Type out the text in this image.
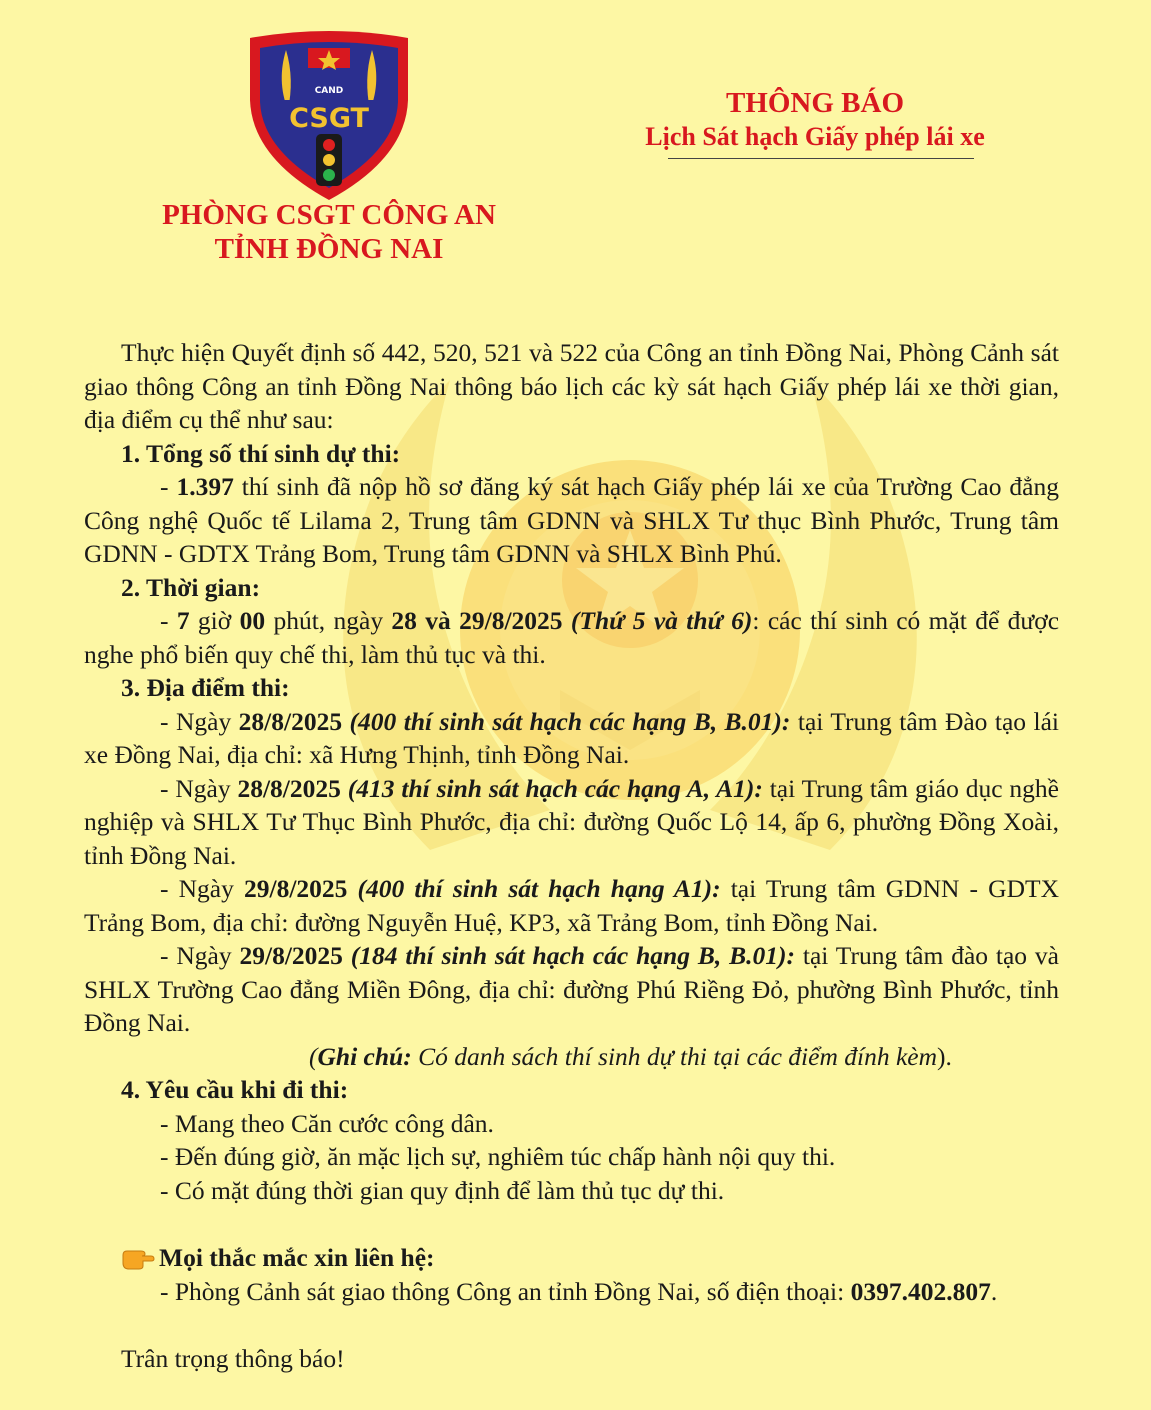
CAND
CSGT
PHÒNG CSGT CÔNG AN
TỈNH ĐỒNG NAI
THÔNG BÁO
Lịch Sát hạch Giấy phép lái xe

Thực hiện Quyết định số 442, 520, 521 và 522 của Công an tỉnh Đồng Nai, Phòng Cảnh sát giao thông Công an tỉnh Đồng Nai thông báo lịch các kỳ sát hạch Giấy phép lái xe thời gian, địa điểm cụ thể như sau:

1. Tổng số thí sinh dự thi:

- 1.397 thí sinh đã nộp hồ sơ đăng ký sát hạch Giấy phép lái xe của Trường Cao đẳng Công nghệ Quốc tế Lilama 2, Trung tâm GDNN và SHLX Tư thục Bình Phước, Trung tâm GDNN - GDTX Trảng Bom, Trung tâm GDNN và SHLX Bình Phú.

2. Thời gian:

- 7 giờ 00 phút, ngày 28 và 29/8/2025 (Thứ 5 và thứ 6): các thí sinh có mặt để được nghe phổ biến quy chế thi, làm thủ tục và thi.

3. Địa điểm thi:

- Ngày 28/8/2025 (400 thí sinh sát hạch các hạng B, B.01): tại Trung tâm Đào tạo lái xe Đồng Nai, địa chỉ: xã Hưng Thịnh, tỉnh Đồng Nai.

- Ngày 28/8/2025 (413 thí sinh sát hạch các hạng A, A1): tại Trung tâm giáo dục nghề nghiệp và SHLX Tư Thục Bình Phước, địa chỉ: đường Quốc Lộ 14, ấp 6, phường Đồng Xoài, tỉnh Đồng Nai.

- Ngày 29/8/2025 (400 thí sinh sát hạch hạng A1): tại Trung tâm GDNN - GDTX Trảng Bom, địa chỉ: đường Nguyễn Huệ, KP3, xã Trảng Bom, tỉnh Đồng Nai.

- Ngày 29/8/2025 (184 thí sinh sát hạch các hạng B, B.01): tại Trung tâm đào tạo và SHLX Trường Cao đẳng Miền Đông, địa chỉ: đường Phú Riềng Đỏ, phường Bình Phước, tỉnh Đồng Nai.

(Ghi chú: Có danh sách thí sinh dự thi tại các điểm đính kèm).

4. Yêu cầu khi đi thi:

- Mang theo Căn cước công dân.

- Đến đúng giờ, ăn mặc lịch sự, nghiêm túc chấp hành nội quy thi.

- Có mặt đúng thời gian quy định để làm thủ tục dự thi.

Mọi thắc mắc xin liên hệ:

- Phòng Cảnh sát giao thông Công an tỉnh Đồng Nai, số điện thoại: 0397.402.807.

Trân trọng thông báo!
